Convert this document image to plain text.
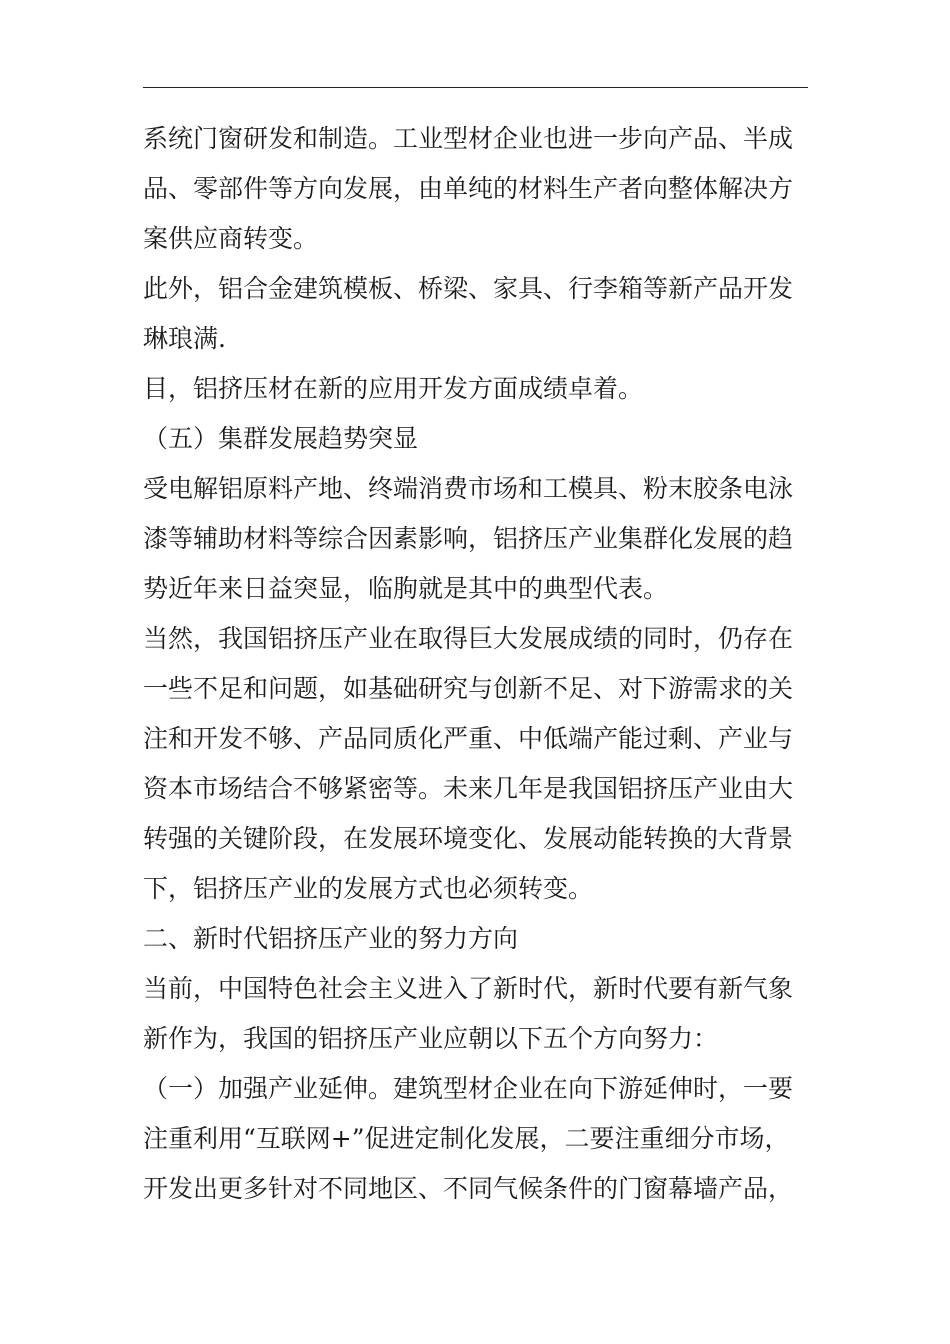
系统门窗研发和制造。工业型材企业也进一步向产品、半成
品、零部件等方向发展，由单纯的材料生产者向整体解决方
案供应商转变。
此外，铝合金建筑模板、桥梁、家具、行李箱等新产品开发
琳琅满.
目，铝挤压材在新的应用开发方面成绩卓着。
（五）集群发展趋势突显
受电解铝原料产地、终端消费市场和工模具、粉末胶条电泳
漆等辅助材料等综合因素影响，铝挤压产业集群化发展的趋
势近年来日益突显，临朐就是其中的典型代表。
当然，我国铝挤压产业在取得巨大发展成绩的同时，仍存在
一些不足和问题，如基础研究与创新不足、对下游需求的关
注和开发不够、产品同质化严重、中低端产能过剩、产业与
资本市场结合不够紧密等。未来几年是我国铝挤压产业由大
转强的关键阶段，在发展环境变化、发展动能转换的大背景
下，铝挤压产业的发展方式也必须转变。
二、新时代铝挤压产业的努力方向
当前，中国特色社会主义进入了新时代，新时代要有新气象
新作为，我国的铝挤压产业应朝以下五个方向努力：
（一）加强产业延伸。建筑型材企业在向下游延伸时，一要
注重利用“互联网+”促进定制化发展，二要注重细分市场，
开发出更多针对不同地区、不同气候条件的门窗幕墙产品，
